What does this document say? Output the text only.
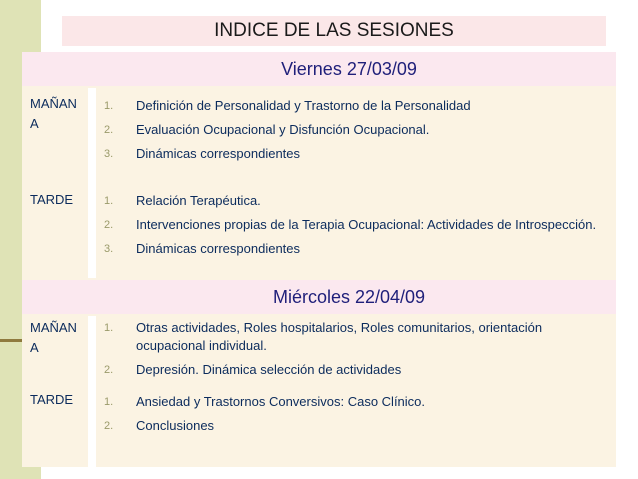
INDICE DE LAS SESIONES
Viernes 27/03/09
MAÑAN
A
1. Definición de Personalidad y Trastorno de la Personalidad
2. Evaluación Ocupacional y Disfunción Ocupacional.
3. Dinámicas correspondientes
TARDE	1. Relación Terapéutica.
2. Intervenciones propias de la Terapia Ocupacional: Actividades de Introspección.
3. Dinámicas correspondientes
Miércoles 22/04/09
MAÑAN
A
1. Otras actividades, Roles hospitalarios, Roles comunitarios, orientación ocupacional individual.
2. Depresión. Dinámica selección de actividades
TARDE	1. Ansiedad y Trastornos Conversivos: Caso Clínico.
2. Conclusiones
